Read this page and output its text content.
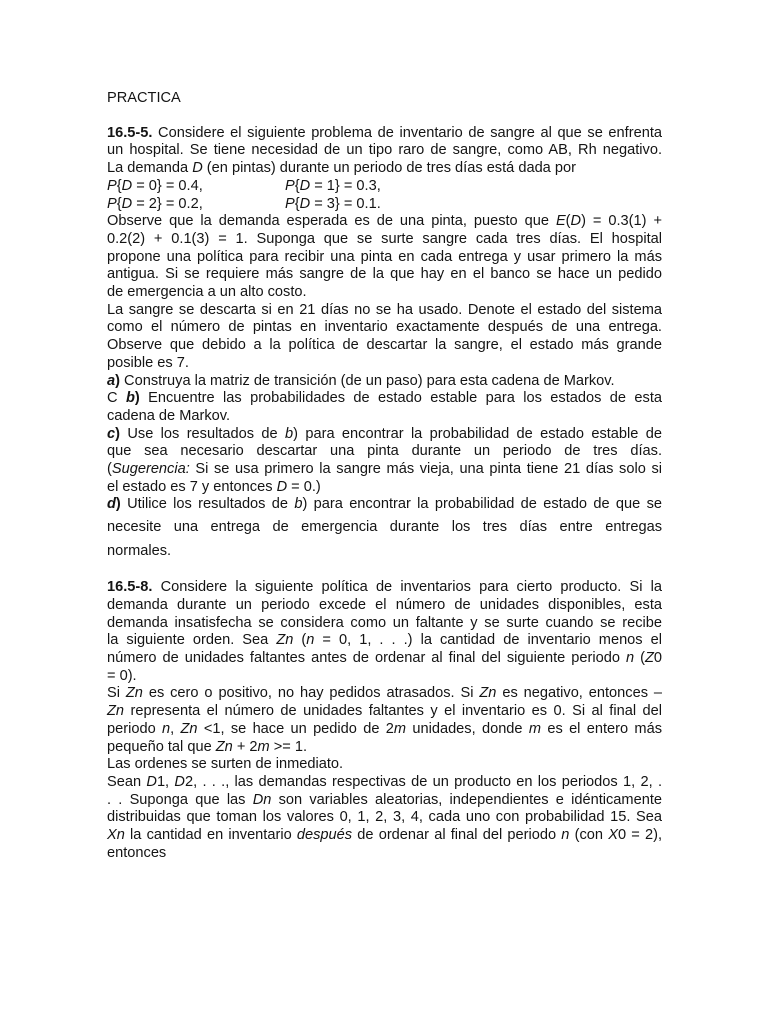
PRACTICA

16.5-5. Considere el siguiente problema de inventario de sangre al que se enfrenta

un hospital. Se tiene necesidad de un tipo raro de sangre, como AB, Rh negativo.

La demanda D (en pintas) durante un periodo de tres días está dada por

P{D = 0} = 0.4,	P{D = 1} = 0.3,
P{D = 2} = 0.2,	P{D = 3} = 0.1.

Observe que la demanda esperada es de una pinta, puesto que E(D) = 0.3(1) +

0.2(2) + 0.1(3) = 1. Suponga que se surte sangre cada tres días. El hospital

propone una política para recibir una pinta en cada entrega y usar primero la más

antigua. Si se requiere más sangre de la que hay en el banco se hace un pedido

de emergencia a un alto costo.

La sangre se descarta si en 21 días no se ha usado. Denote el estado del sistema

como el número de pintas en inventario exactamente después de una entrega.

Observe que debido a la política de descartar la sangre, el estado más grande

posible es 7.

a) Construya la matriz de transición (de un paso) para esta cadena de Markov.

C b) Encuentre las probabilidades de estado estable para los estados de esta

cadena de Markov.

c) Use los resultados de b) para encontrar la probabilidad de estado estable de

que sea necesario descartar una pinta durante un periodo de tres días.

(Sugerencia: Si se usa primero la sangre más vieja, una pinta tiene 21 días solo si

el estado es 7 y entonces D = 0.)

d) Utilice los resultados de b) para encontrar la probabilidad de estado de que se

necesite una entrega de emergencia durante los tres días entre entregas

normales.

16.5-8. Considere la siguiente política de inventarios para cierto producto. Si la

demanda durante un periodo excede el número de unidades disponibles, esta

demanda insatisfecha se considera como un faltante y se surte cuando se recibe

la siguiente orden. Sea Zn (n = 0, 1, . . .) la cantidad de inventario menos el

número de unidades faltantes antes de ordenar al final del siguiente periodo n (Z0

= 0).

Si Zn es cero o positivo, no hay pedidos atrasados. Si Zn es negativo, entonces –

Zn representa el número de unidades faltantes y el inventario es 0. Si al final del

periodo n, Zn <1, se hace un pedido de 2m unidades, donde m es el entero más

pequeño tal que Zn + 2m >= 1.

Las ordenes se surten de inmediato.

Sean D1, D2, . . ., las demandas respectivas de un producto en los periodos 1, 2, .

. . Suponga que las Dn son variables aleatorias, independientes e idénticamente

distribuidas que toman los valores 0, 1, 2, 3, 4, cada uno con probabilidad 15. Sea

Xn la cantidad en inventario después de ordenar al final del periodo n (con X0 = 2),

entonces
